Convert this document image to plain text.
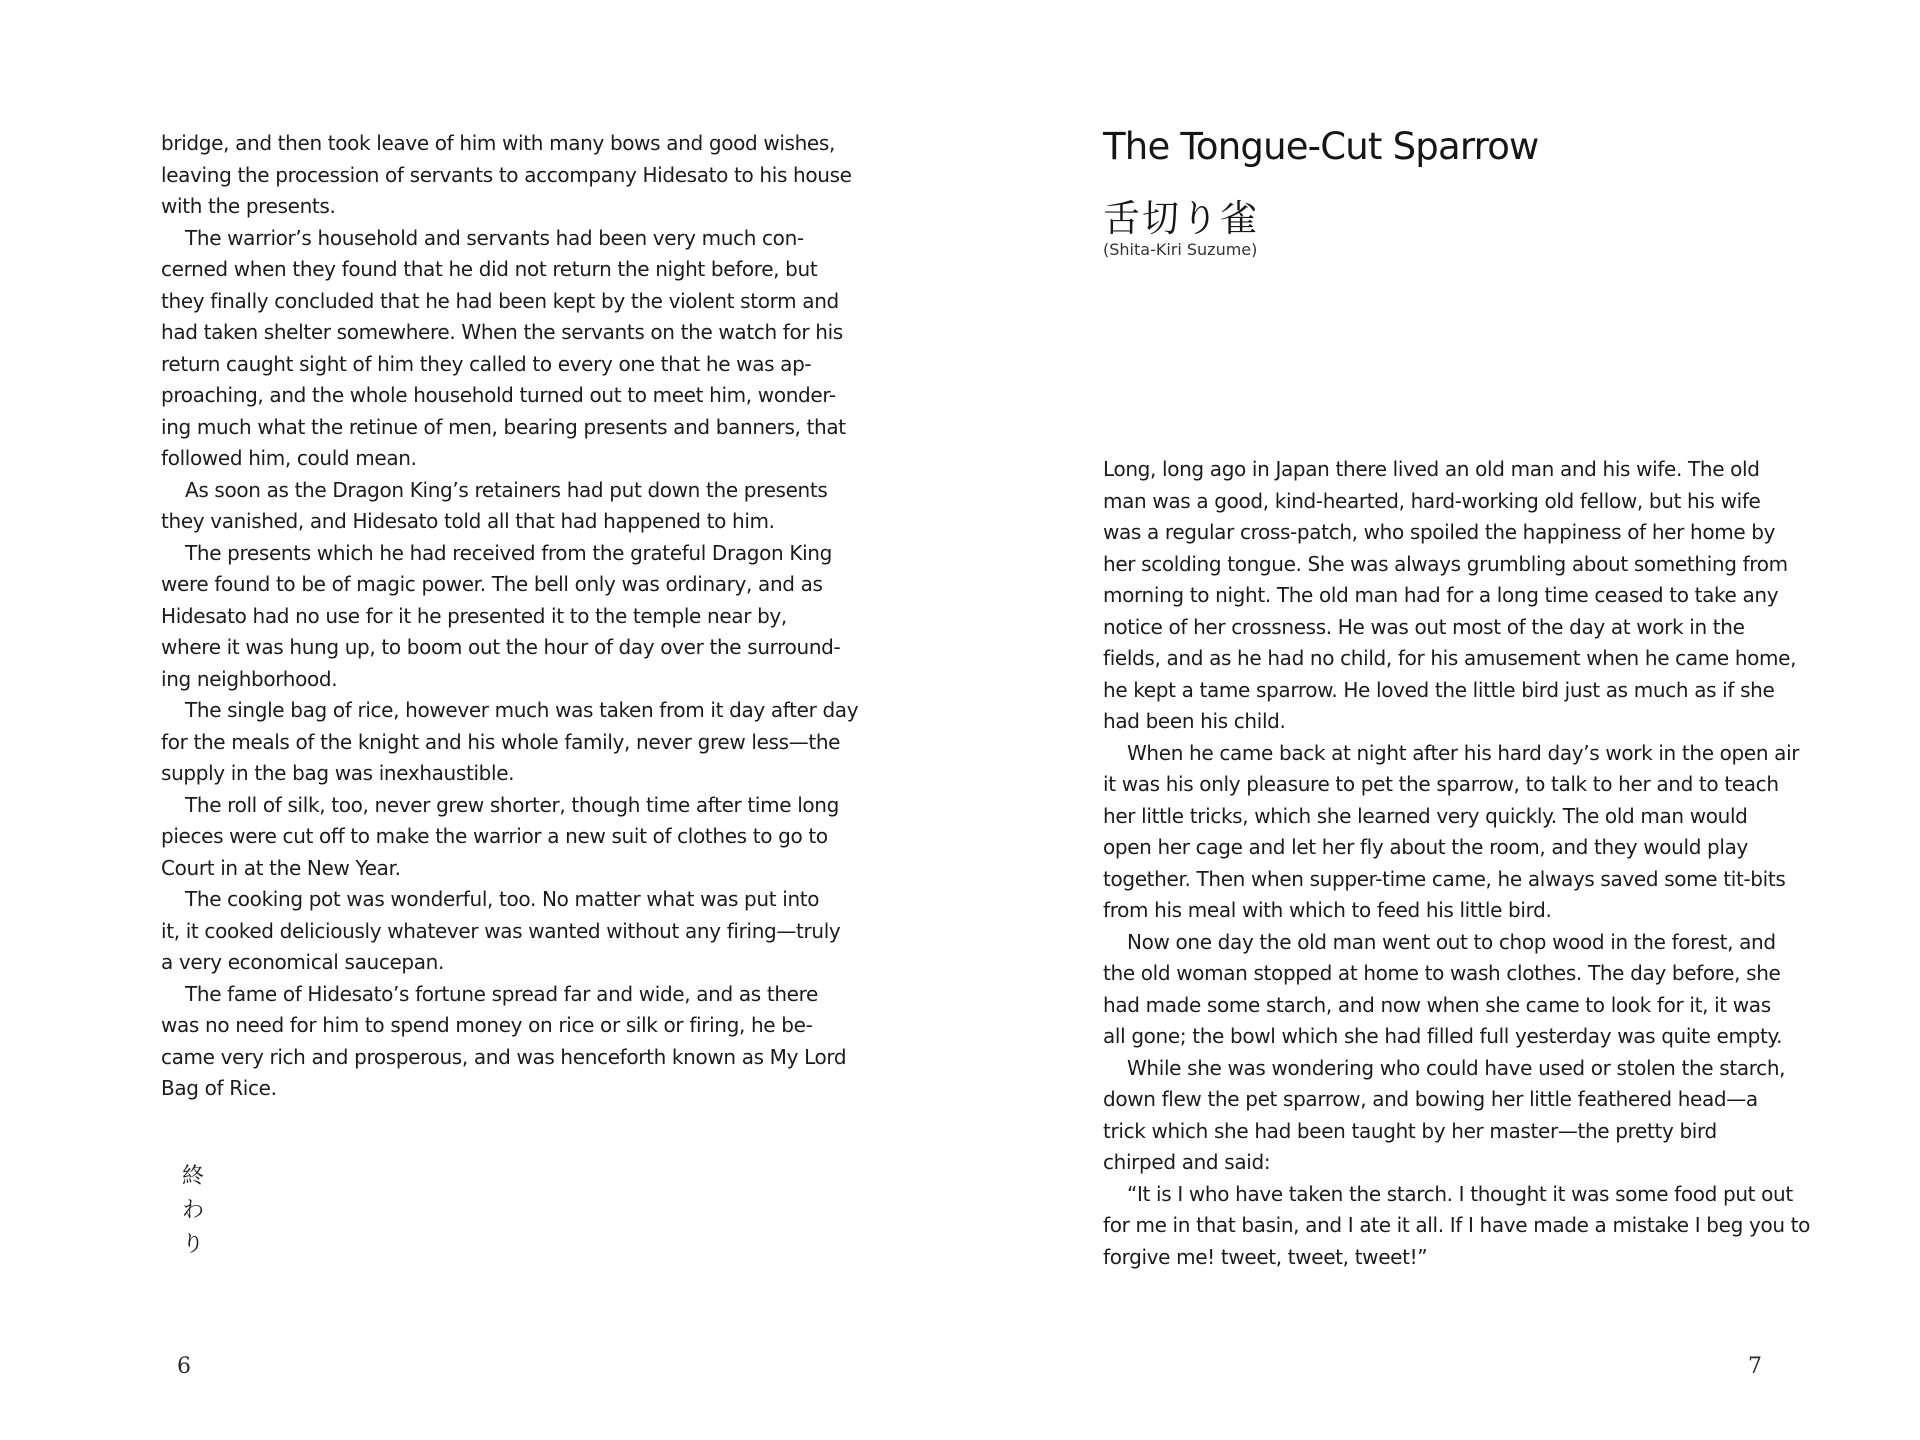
bridge, and then took leave of him with many bows and good wishes,
leaving the procession of servants to accompany Hidesato to his house
with the presents.
The warrior’s household and servants had been very much con-
cerned when they found that he did not return the night before, but
they finally concluded that he had been kept by the violent storm and
had taken shelter somewhere. When the servants on the watch for his
return caught sight of him they called to every one that he was ap-
proaching, and the whole household turned out to meet him, wonder-
ing much what the retinue of men, bearing presents and banners, that
followed him, could mean.
As soon as the Dragon King’s retainers had put down the presents
they vanished, and Hidesato told all that had happened to him.
The presents which he had received from the grateful Dragon King
were found to be of magic power. The bell only was ordinary, and as
Hidesato had no use for it he presented it to the temple near by,
where it was hung up, to boom out the hour of day over the surround-
ing neighborhood.
The single bag of rice, however much was taken from it day after day
for the meals of the knight and his whole family, never grew less—the
supply in the bag was inexhaustible.
The roll of silk, too, never grew shorter, though time after time long
pieces were cut off to make the warrior a new suit of clothes to go to
Court in at the New Year.
The cooking pot was wonderful, too. No matter what was put into
it, it cooked deliciously whatever was wanted without any firing—truly
a very economical saucepan.
The fame of Hidesato’s fortune spread far and wide, and as there
was no need for him to spend money on rice or silk or firing, he be-
came very rich and prosperous, and was henceforth known as My Lord
Bag of Rice.
終
わ
り
6
The Tongue-Cut Sparrow
舌切り雀
(Shita-Kiri Suzume)
Long, long ago in Japan there lived an old man and his wife. The old
man was a good, kind-hearted, hard-working old fellow, but his wife
was a regular cross-patch, who spoiled the happiness of her home by
her scolding tongue. She was always grumbling about something from
morning to night. The old man had for a long time ceased to take any
notice of her crossness. He was out most of the day at work in the
fields, and as he had no child, for his amusement when he came home,
he kept a tame sparrow. He loved the little bird just as much as if she
had been his child.
When he came back at night after his hard day’s work in the open air
it was his only pleasure to pet the sparrow, to talk to her and to teach
her little tricks, which she learned very quickly. The old man would
open her cage and let her fly about the room, and they would play
together. Then when supper-time came, he always saved some tit-bits
from his meal with which to feed his little bird.
Now one day the old man went out to chop wood in the forest, and
the old woman stopped at home to wash clothes. The day before, she
had made some starch, and now when she came to look for it, it was
all gone; the bowl which she had filled full yesterday was quite empty.
While she was wondering who could have used or stolen the starch,
down flew the pet sparrow, and bowing her little feathered head—a
trick which she had been taught by her master—the pretty bird
chirped and said:
“It is I who have taken the starch. I thought it was some food put out
for me in that basin, and I ate it all. If I have made a mistake I beg you to
forgive me! tweet, tweet, tweet!”
7
